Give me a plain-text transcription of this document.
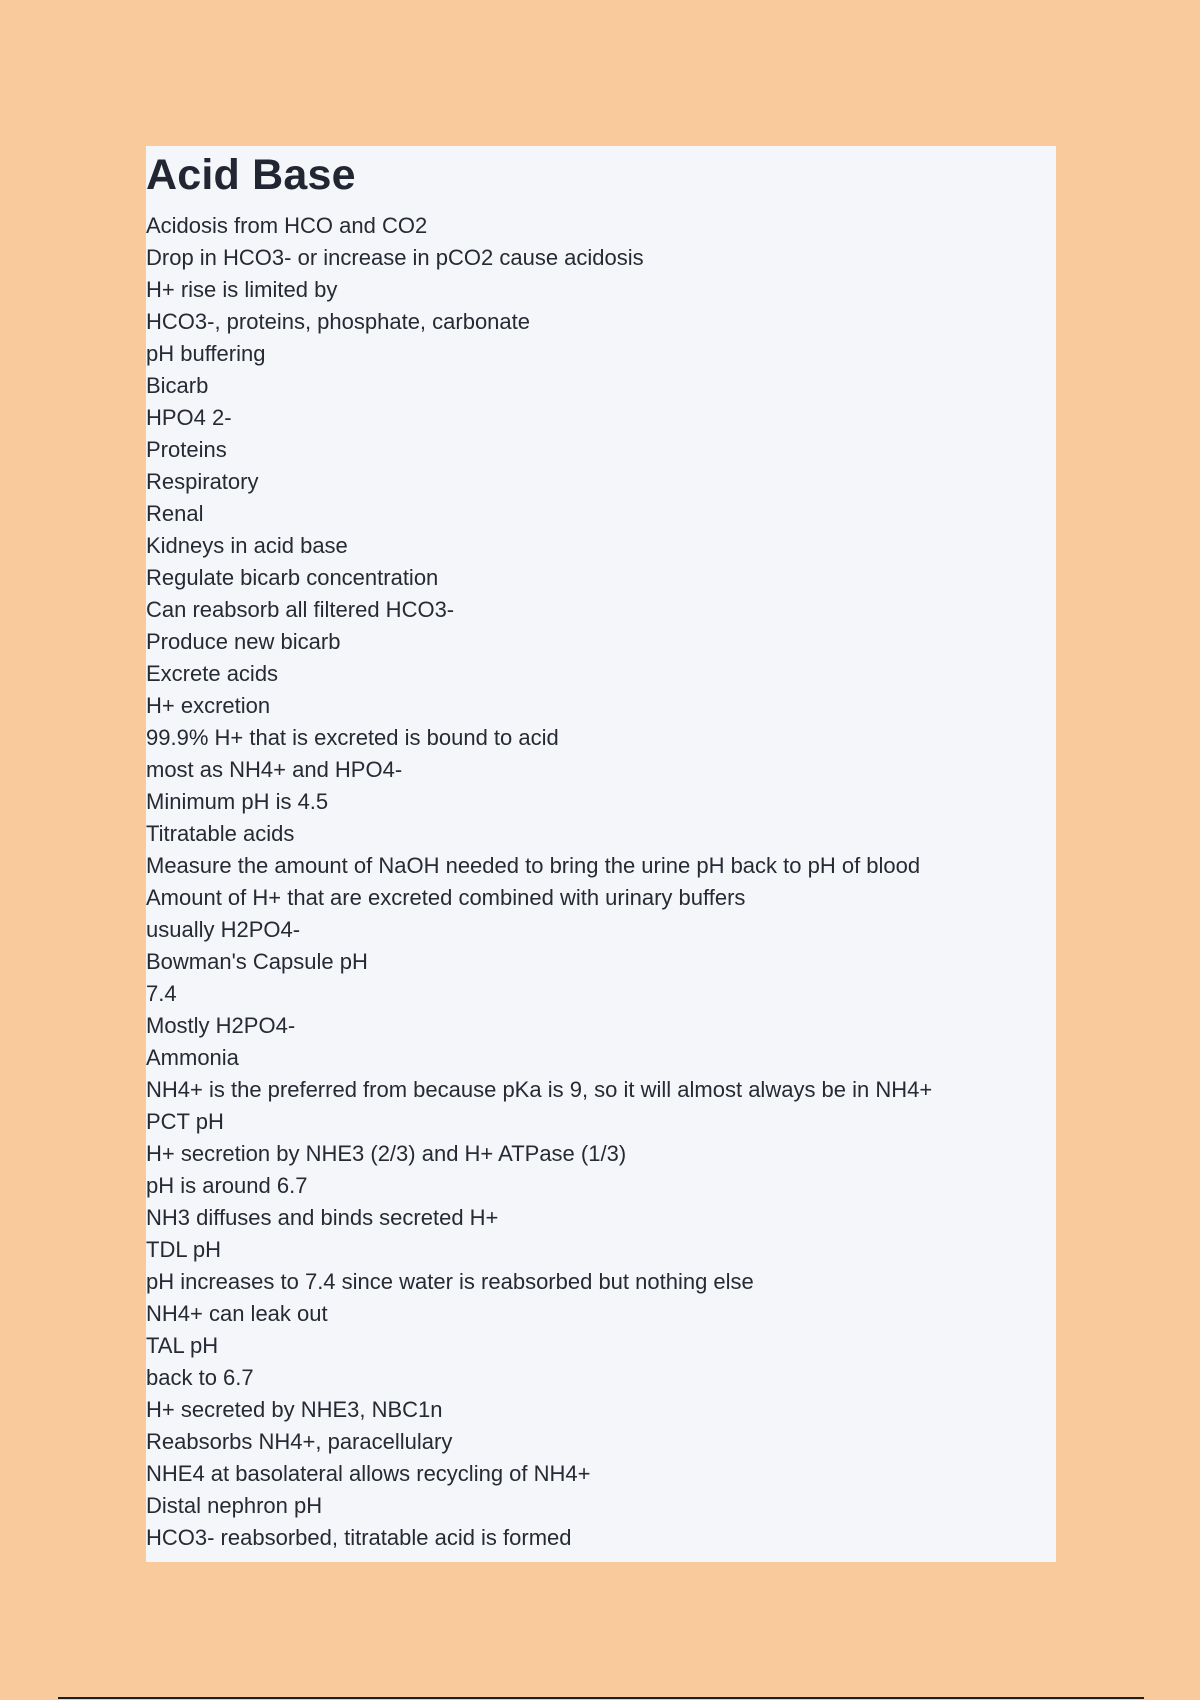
Acid Base
Acidosis from HCO and CO2
Drop in HCO3- or increase in pCO2 cause acidosis
H+ rise is limited by
HCO3-, proteins, phosphate, carbonate
pH buffering
Bicarb
HPO4 2-
Proteins
Respiratory
Renal
Kidneys in acid base
Regulate bicarb concentration
Can reabsorb all filtered HCO3-
Produce new bicarb
Excrete acids
H+ excretion
99.9% H+ that is excreted is bound to acid
most as NH4+ and HPO4-
Minimum pH is 4.5
Titratable acids
Measure the amount of NaOH needed to bring the urine pH back to pH of blood
Amount of H+ that are excreted combined with urinary buffers
usually H2PO4-
Bowman's Capsule pH
7.4
Mostly H2PO4-
Ammonia
NH4+ is the preferred from because pKa is 9, so it will almost always be in NH4+
PCT pH
H+ secretion by NHE3 (2/3) and H+ ATPase (1/3)
pH is around 6.7
NH3 diffuses and binds secreted H+
TDL pH
pH increases to 7.4 since water is reabsorbed but nothing else
NH4+ can leak out
TAL pH
back to 6.7
H+ secreted by NHE3, NBC1n
Reabsorbs NH4+, paracellulary
NHE4 at basolateral allows recycling of NH4+
Distal nephron pH
HCO3- reabsorbed, titratable acid is formed
